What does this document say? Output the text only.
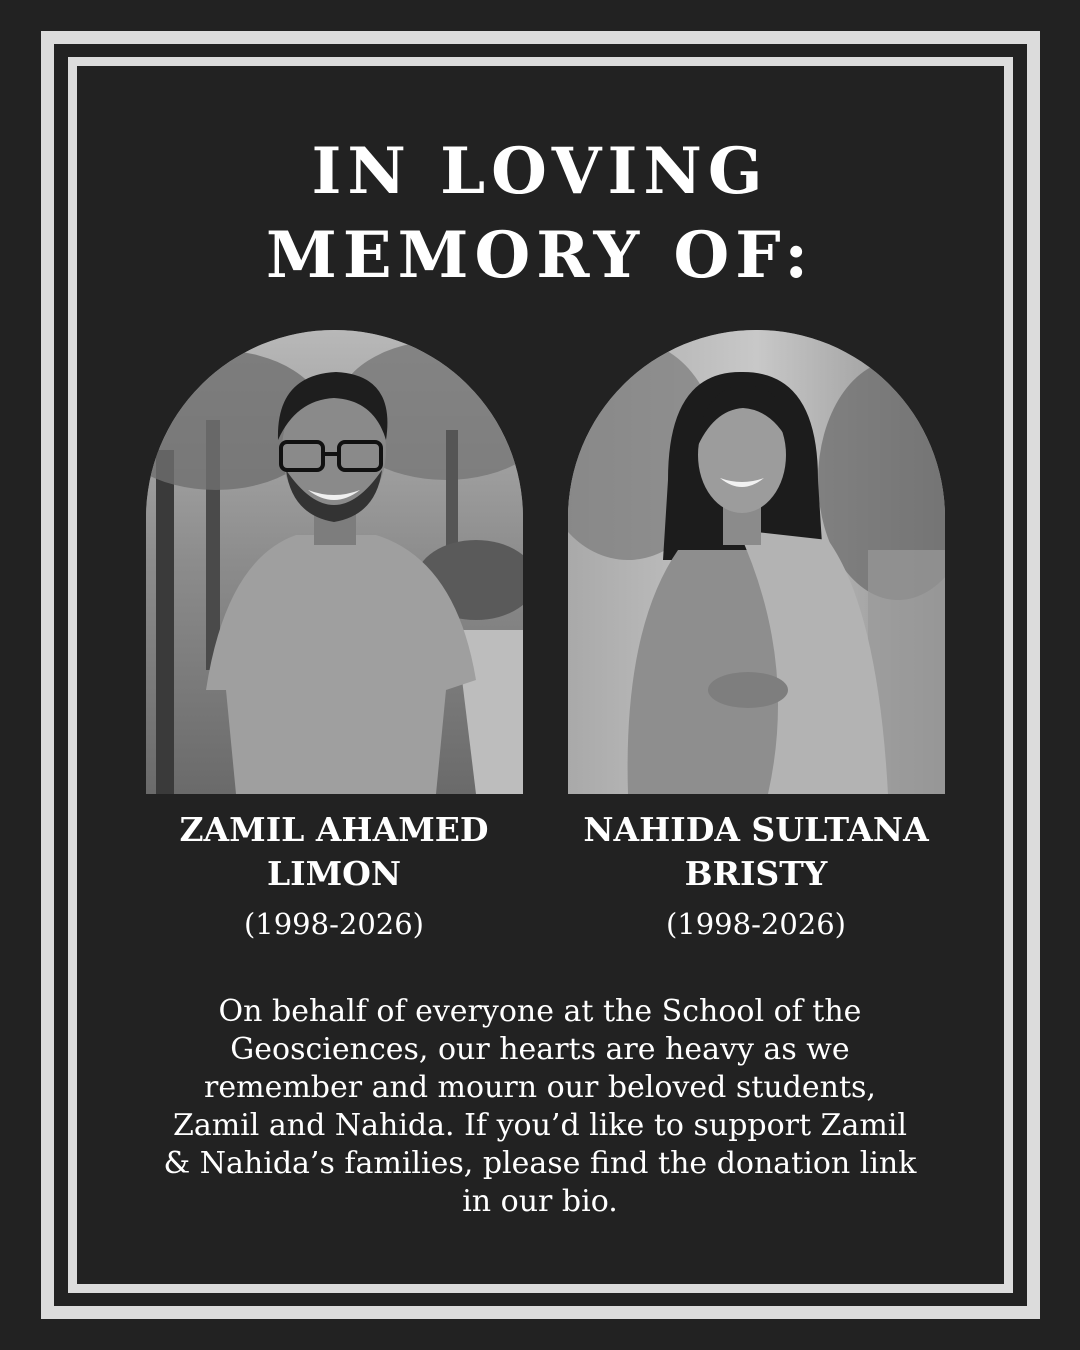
IN LOVING
MEMORY OF:
ZAMIL AHAMED
LIMON
(1998-2026)
NAHIDA SULTANA
BRISTY
(1998-2026)

On behalf of everyone at the School of the
Geosciences, our hearts are heavy as we
remember and mourn our beloved students,
Zamil and Nahida. If you’d like to support Zamil
& Nahida’s families, please find the donation link
in our bio.
